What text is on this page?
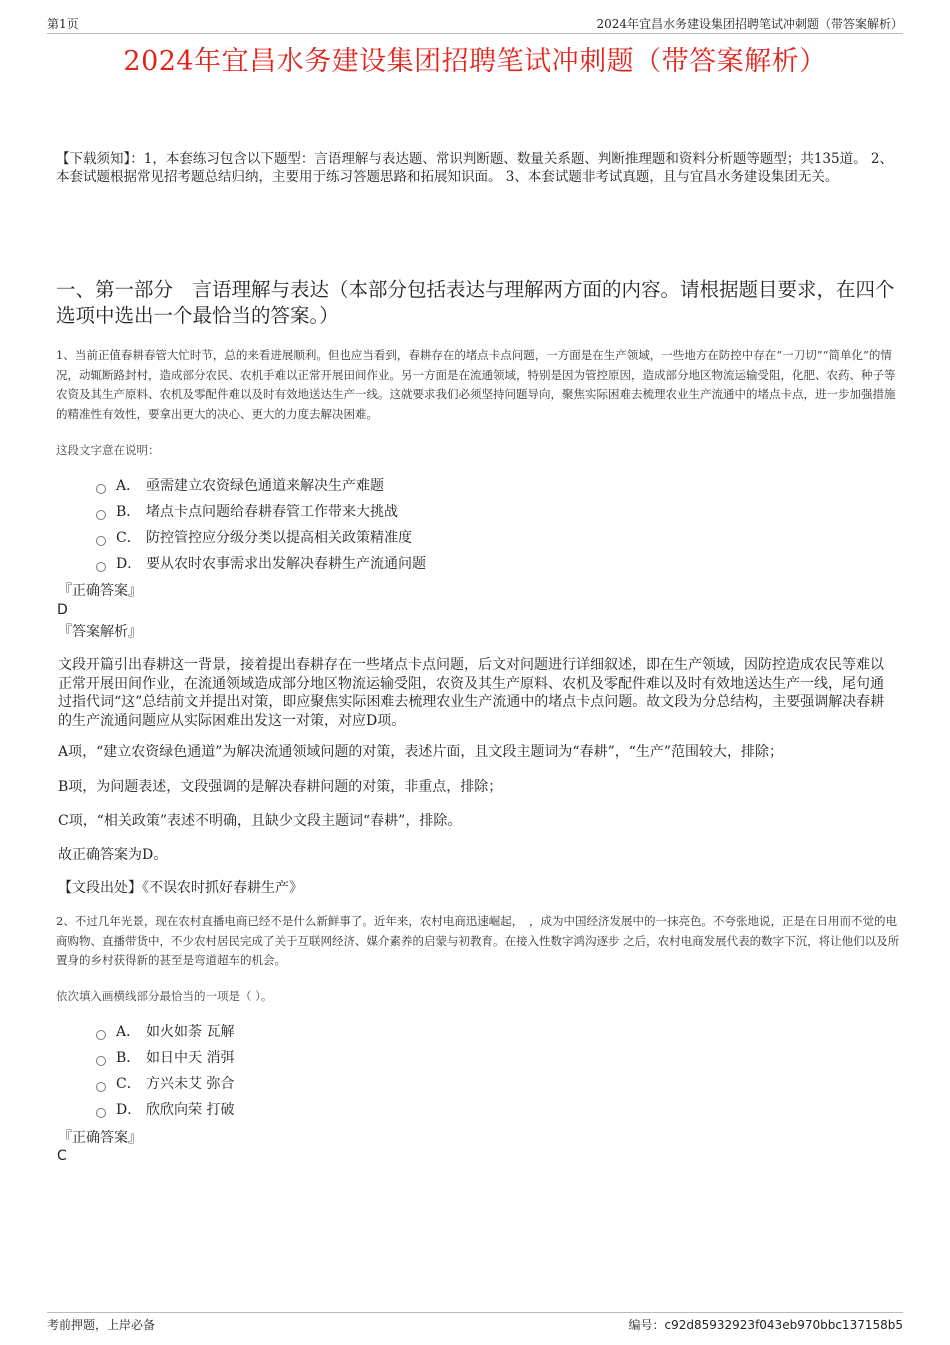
第1页	2024年宜昌水务建设集团招聘笔试冲刺题（带答案解析）
2024年宜昌水务建设集团招聘笔试冲刺题（带答案解析）
【下载须知】：1，本套练习包含以下题型：言语理解与表达题、常识判断题、数量关系题、判断推理题和资料分析题等题型；共135道。 2、本套试题根据常见招考题总结归纳，主要用于练习答题思路和拓展知识面。 3、本套试题非考试真题，且与宜昌水务建设集团无关。
一、第一部分　言语理解与表达（本部分包括表达与理解两方面的内容。请根据题目要求，在四个选项中选出一个最恰当的答案。）
1、当前正值春耕春管大忙时节，总的来看进展顺利。但也应当看到，春耕存在的堵点卡点问题，一方面是在生产领域，一些地方在防控中存在“一刀切”“简单化”的情况，动辄断路封村，造成部分农民、农机手难以正常开展田间作业。另一方面是在流通领域，特别是因为管控原因，造成部分地区物流运输受阻，化肥、农药、种子等农资及其生产原料、农机及零配件难以及时有效地送达生产一线。这就要求我们必须坚持问题导向，聚焦实际困难去梳理农业生产流通中的堵点卡点，进一步加强措施的精准性有效性，要拿出更大的决心、更大的力度去解决困难。
这段文字意在说明：
A． 亟需建立农资绿色通道来解决生产难题
B． 堵点卡点问题给春耕春管工作带来大挑战
C． 防控管控应分级分类以提高相关政策精准度
D． 要从农时农事需求出发解决春耕生产流通问题
『正确答案』
D
『答案解析』
文段开篇引出春耕这一背景，接着提出春耕存在一些堵点卡点问题，后文对问题进行详细叙述，即在生产领域，因防控造成农民等难以正常开展田间作业，在流通领域造成部分地区物流运输受阻，农资及其生产原料、农机及零配件难以及时有效地送达生产一线，尾句通过指代词“这”总结前文并提出对策，即应聚焦实际困难去梳理农业生产流通中的堵点卡点问题。故文段为分总结构，主要强调解决春耕的生产流通问题应从实际困难出发这一对策，对应D项。
A项，“建立农资绿色通道”为解决流通领域问题的对策，表述片面，且文段主题词为“春耕”，“生产”范围较大，排除；
B项，为问题表述，文段强调的是解决春耕问题的对策，非重点，排除；
C项，“相关政策”表述不明确，且缺少文段主题词“春耕”，排除。
故正确答案为D。
【文段出处】《不误农时抓好春耕生产》
2、不过几年光景，现在农村直播电商已经不是什么新鲜事了。近年来，农村电商迅速崛起，　，成为中国经济发展中的一抹亮色。不夸张地说，正是在日用而不觉的电商购物、直播带货中，不少农村居民完成了关于互联网经济、媒介素养的启蒙与初教育。在接入性数字鸿沟逐步 之后，农村电商发展代表的数字下沉，将让他们以及所置身的乡村获得新的甚至是弯道超车的机会。
依次填入画横线部分最恰当的一项是（ ）。
A． 如火如荼 瓦解
B． 如日中天 消弭
C． 方兴未艾 弥合
D． 欣欣向荣 打破
『正确答案』
C
考前押题，上岸必备	编号：c92d85932923f043eb970bbc137158b5
